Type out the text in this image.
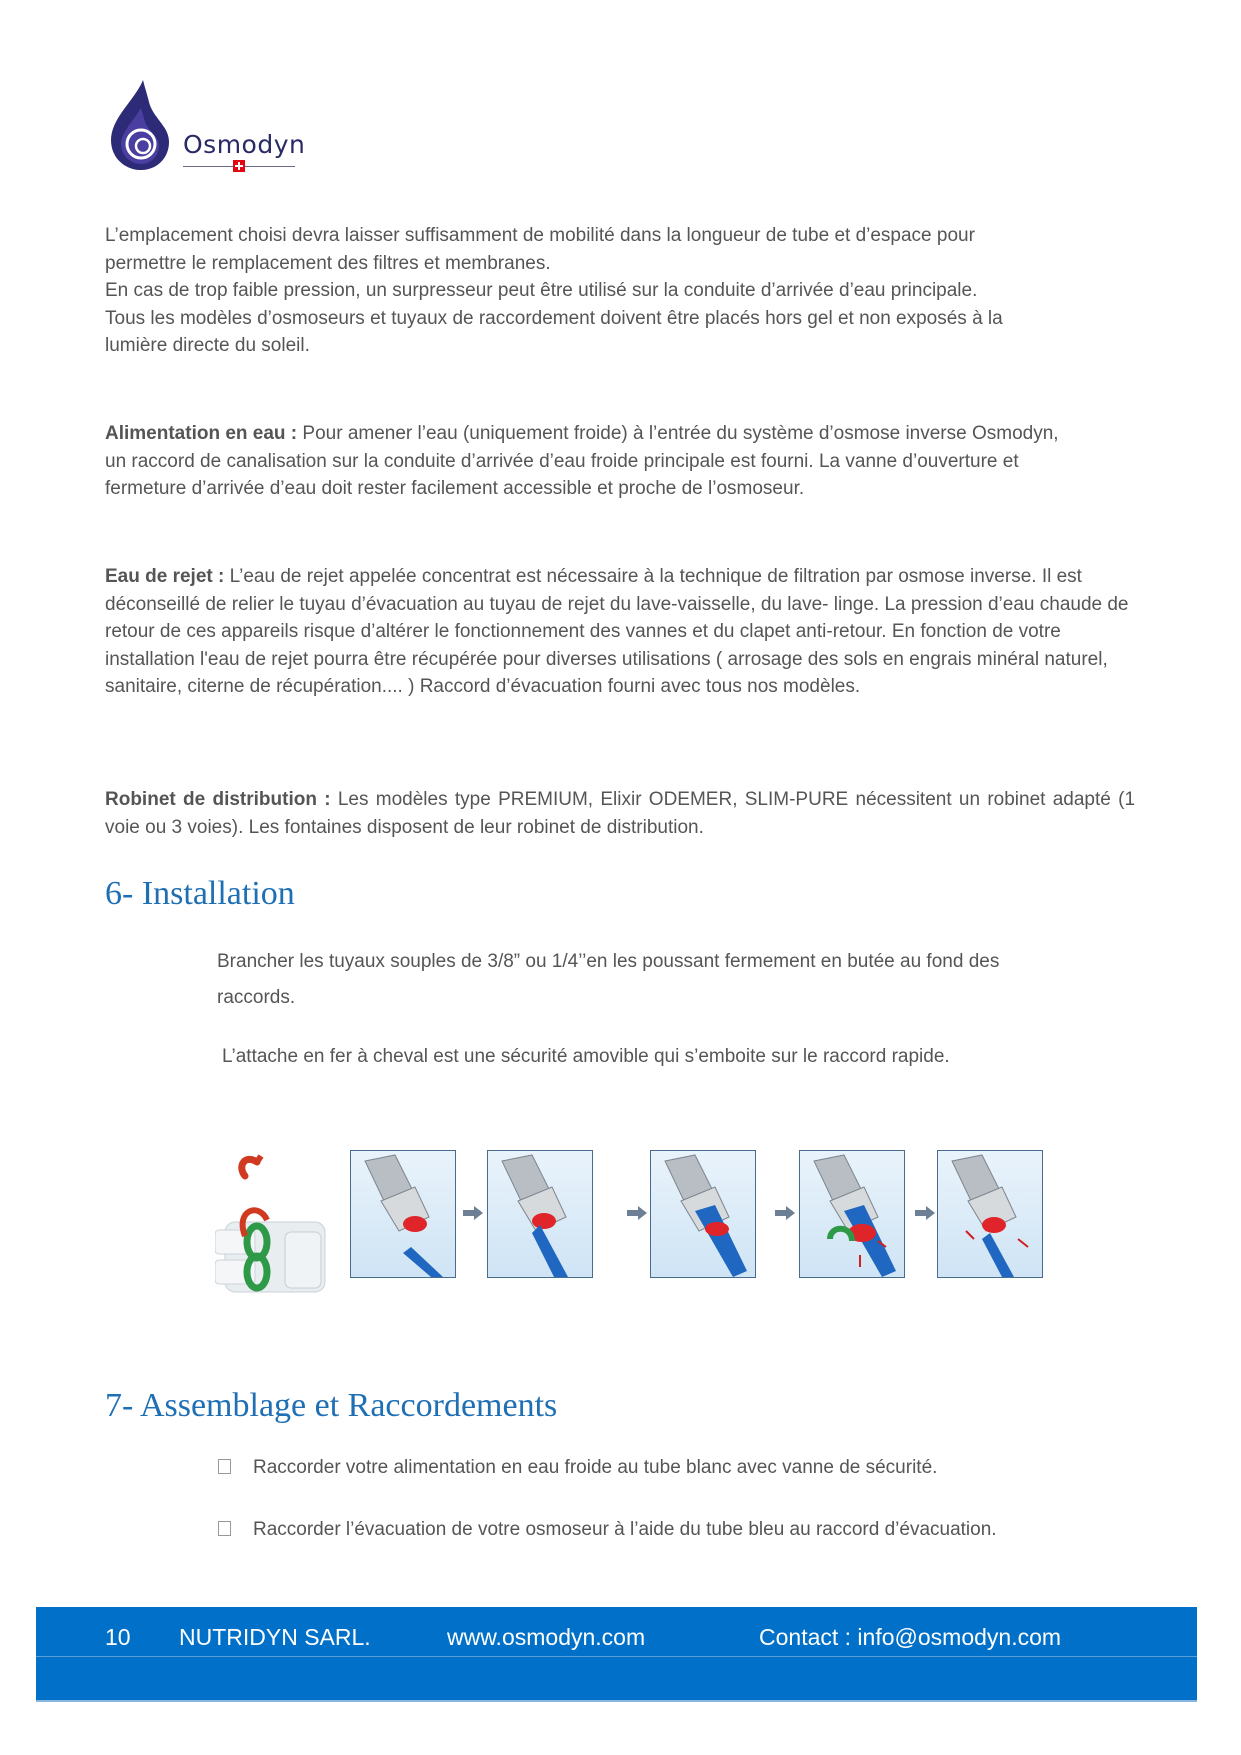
Osmodyn
L’emplacement choisi devra laisser suffisamment de mobilité dans la longueur de tube et d’espace pour
permettre le remplacement des filtres et membranes.
En cas de trop faible pression, un surpresseur peut être utilisé sur la conduite d’arrivée d’eau principale.
Tous les modèles d’osmoseurs et tuyaux de raccordement doivent être placés hors gel et non exposés à la
lumière directe du soleil.

Alimentation en eau : Pour amener l’eau (uniquement froide) à l’entrée du système d’osmose inverse Osmodyn, un raccord de canalisation sur la conduite d’arrivée d’eau froide principale est fourni. La vanne d’ouverture et fermeture d’arrivée d’eau doit rester facilement accessible et proche de l’osmoseur.

Eau de rejet : L’eau de rejet appelée concentrat est nécessaire à la technique de filtration par osmose inverse. Il est déconseillé de relier le tuyau d’évacuation au tuyau de rejet du lave-vaisselle, du lave- linge. La pression d’eau chaude de retour de ces appareils risque d’altérer le fonctionnement des vannes et du clapet anti-retour. En fonction de votre installation l'eau de rejet pourra être récupérée pour diverses utilisations ( arrosage des sols en engrais minéral naturel, sanitaire, citerne de récupération.... ) Raccord d’évacuation fourni avec tous nos modèles.

Robinet de distribution : Les modèles type PREMIUM, Elixir ODEMER, SLIM-PURE nécessitent un robinet adapté (1 voie ou 3 voies). Les fontaines disposent de leur robinet de distribution.

6- Installation
Brancher les tuyaux souples de 3/8” ou 1/4’’en les poussant fermement en butée au fond des
raccords.
L’attache en fer à cheval est une sécurité amovible qui s’emboite sur le raccord rapide.
7- Assemblage et Raccordements
Raccorder votre alimentation en eau froide au tube blanc avec vanne de sécurité.
Raccorder l’évacuation de votre osmoseur à l’aide du tube bleu au raccord d’évacuation.
10 NUTRIDYN SARL.	www.osmodyn.com	Contact : info@osmodyn.com
